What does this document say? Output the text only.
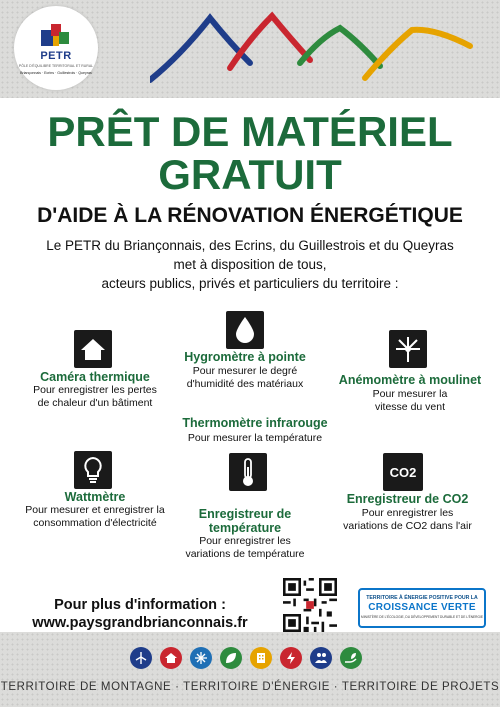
PETR
PÔLE D'ÉQUILIBRE TERRITORIAL ET RURAL
Briançonnais · Ecrins · Guillestrois · Queyras
PRÊT DE MATÉRIEL
GRATUIT
D'AIDE À LA RÉNOVATION ÉNERGÉTIQUE
Le PETR du Briançonnais, des Ecrins, du Guillestrois et du Queyras
met à disposition de tous,
acteurs publics, privés et particuliers du territoire :
Caméra thermique
Pour enregistrer les pertes
de chaleur d'un bâtiment
Hygromètre à pointe
Pour mesurer le degré
d'humidité des matériaux	Anémomètre à moulinet
Pour mesurer la
vitesse du vent
Thermomètre infrarouge
Pour mesurer la température
Wattmètre
Pour mesurer et enregistrer la
consommation d'électricité
Enregistreur de
température
Pour enregistrer les
variations de température
CO2
Enregistreur de CO2
Pour enregistrer les
variations de CO2 dans l'air
Pour plus d'information :
www.paysgrandbrianconnais.fr
TERRITOIRE À ÉNERGIE POSITIVE POUR LA
CROISSANCE VERTE
MINISTÈRE DE L'ÉCOLOGIE, DU DÉVELOPPEMENT DURABLE ET DE L'ÉNERGIE
TERRITOIRE DE MONTAGNE · TERRITOIRE D'ÉNERGIE · TERRITOIRE DE PROJETS
